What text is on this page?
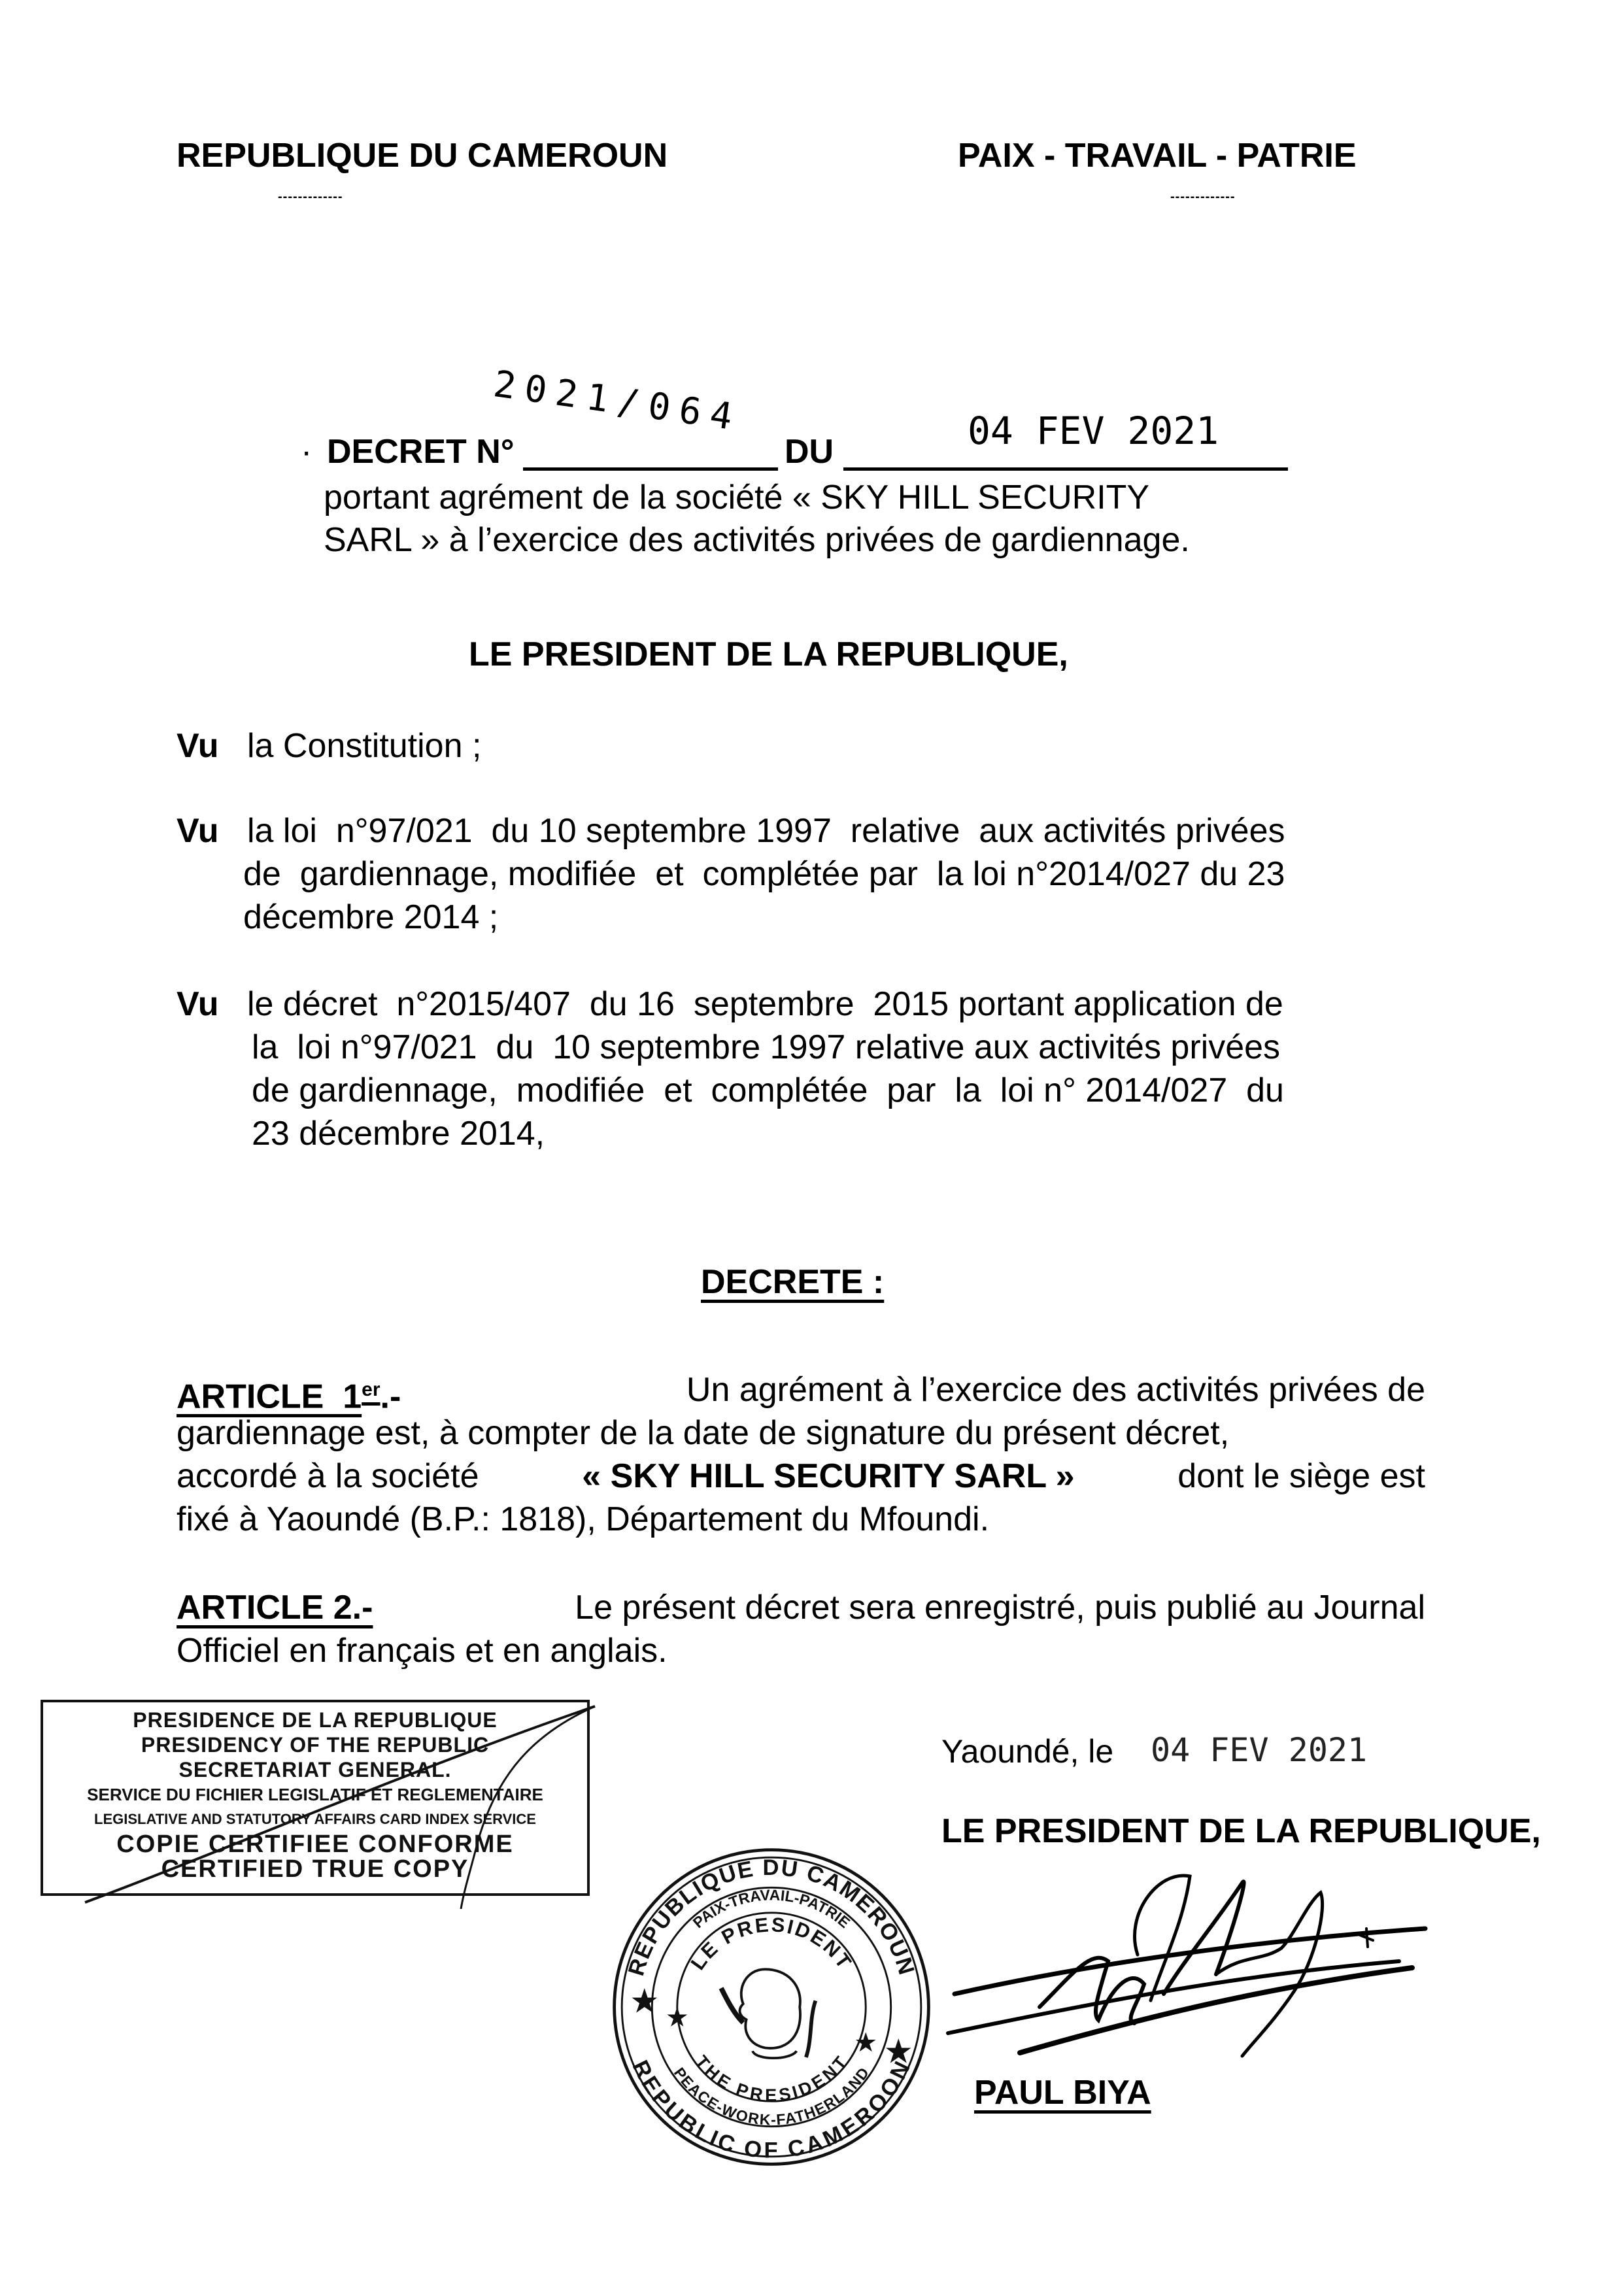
REPUBLIQUE DU CAMEROUN
-------------
PAIX - TRAVAIL - PATRIE
-------------
2021/064	04 FEV 2021
· DECRET N°	DU
portant agrément de la société « SKY HILL SECURITY
SARL » à l’exercice des activités privées de gardiennage.
LE PRESIDENT DE LA REPUBLIQUE,
Vu la Constitution ;
Vu la loi  n°97/021  du 10 septembre 1997  relative  aux activités privées
de  gardiennage, modifiée  et  complétée par  la loi n°2014/027 du 23
décembre 2014 ;
Vu le décret  n°2015/407  du 16  septembre  2015 portant application de
la  loi n°97/021  du  10 septembre 1997 relative aux activités privées
de gardiennage,  modifiée  et  complétée  par  la  loi n° 2014/027  du
23 décembre 2014,
DECRETE :
ARTICLE  1er.-	Un agrément à l’exercice des activités privées de
gardiennage est, à compter de la date de signature du présent décret,
accordé à la société	« SKY HILL SECURITY SARL »	dont le siège est
fixé à Yaoundé (B.P.: 1818), Département du Mfoundi.
ARTICLE 2.-	Le présent décret sera enregistré, puis publié au Journal
Officiel en français et en anglais.
PRESIDENCE DE LA REPUBLIQUE
PRESIDENCY OF THE REPUBLIC
SECRETARIAT GENERAL.
SERVICE DU FICHIER LEGISLATIF ET REGLEMENTAIRE
LEGISLATIVE AND STATUTORY AFFAIRS CARD INDEX SERVICE
COPIE CERTIFIEE CONFORME
CERTIFIED TRUE COPY
Yaoundé, le 04 FEV 2021
REPUBLIQUE DU CAMEROUN
PAIX-TRAVAIL-PATRIE
LE PRESIDENT
THE PRESIDENT
PEACE-WORK-FATHERLAND
REPUBLIC OF CAMEROON
LE PRESIDENT DE LA REPUBLIQUE,
PAUL BIYA
